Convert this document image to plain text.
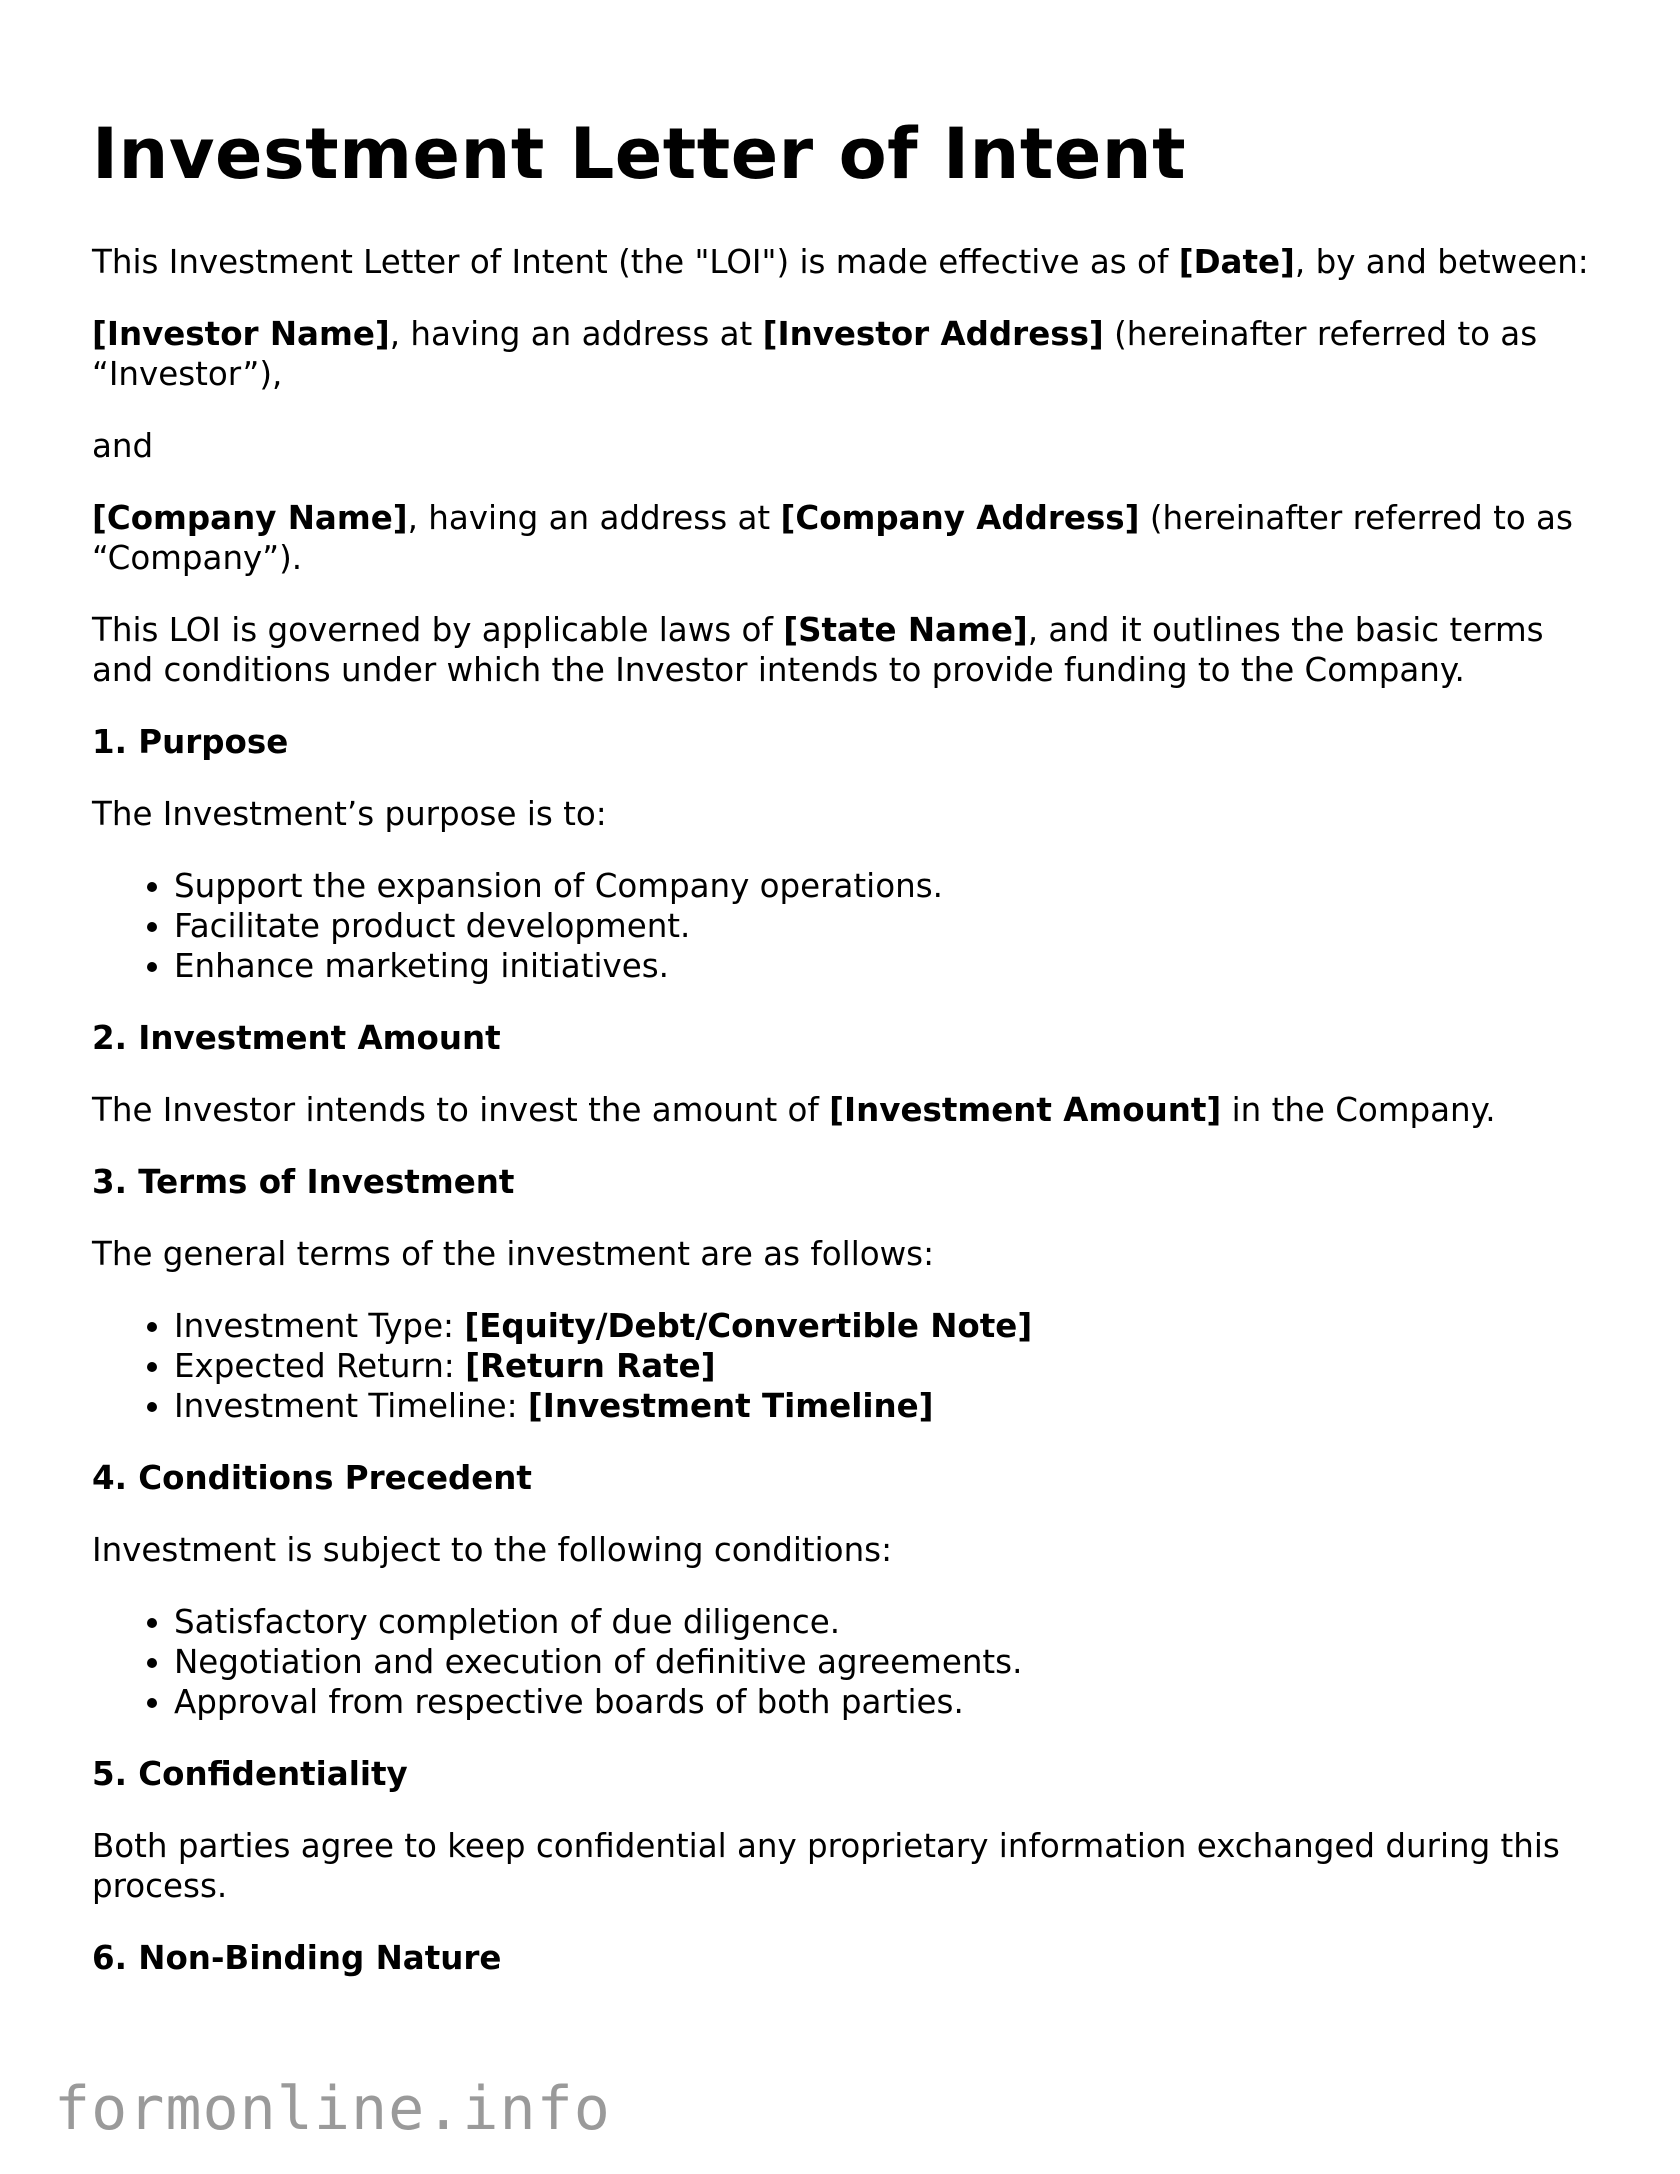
Investment Letter of Intent

This Investment Letter of Intent (the "LOI") is made effective as of [Date], by and between:

[Investor Name], having an address at [Investor Address] (hereinafter referred to as “Investor”),

and

[Company Name], having an address at [Company Address] (hereinafter referred to as “Company”).

This LOI is governed by applicable laws of [State Name], and it outlines the basic terms and conditions under which the Investor intends to provide funding to the Company.

1. Purpose

The Investment’s purpose is to:

• Support the expansion of Company operations.
• Facilitate product development.
• Enhance marketing initiatives.
2. Investment Amount

The Investor intends to invest the amount of [Investment Amount] in the Company.

3. Terms of Investment

The general terms of the investment are as follows:

• Investment Type: [Equity/Debt/Convertible Note]
• Expected Return: [Return Rate]
• Investment Timeline: [Investment Timeline]
4. Conditions Precedent

Investment is subject to the following conditions:

• Satisfactory completion of due diligence.
• Negotiation and execution of definitive agreements.
• Approval from respective boards of both parties.
5. Confidentiality

Both parties agree to keep confidential any proprietary information exchanged during this process.

6. Non-Binding Nature
formonline.info
